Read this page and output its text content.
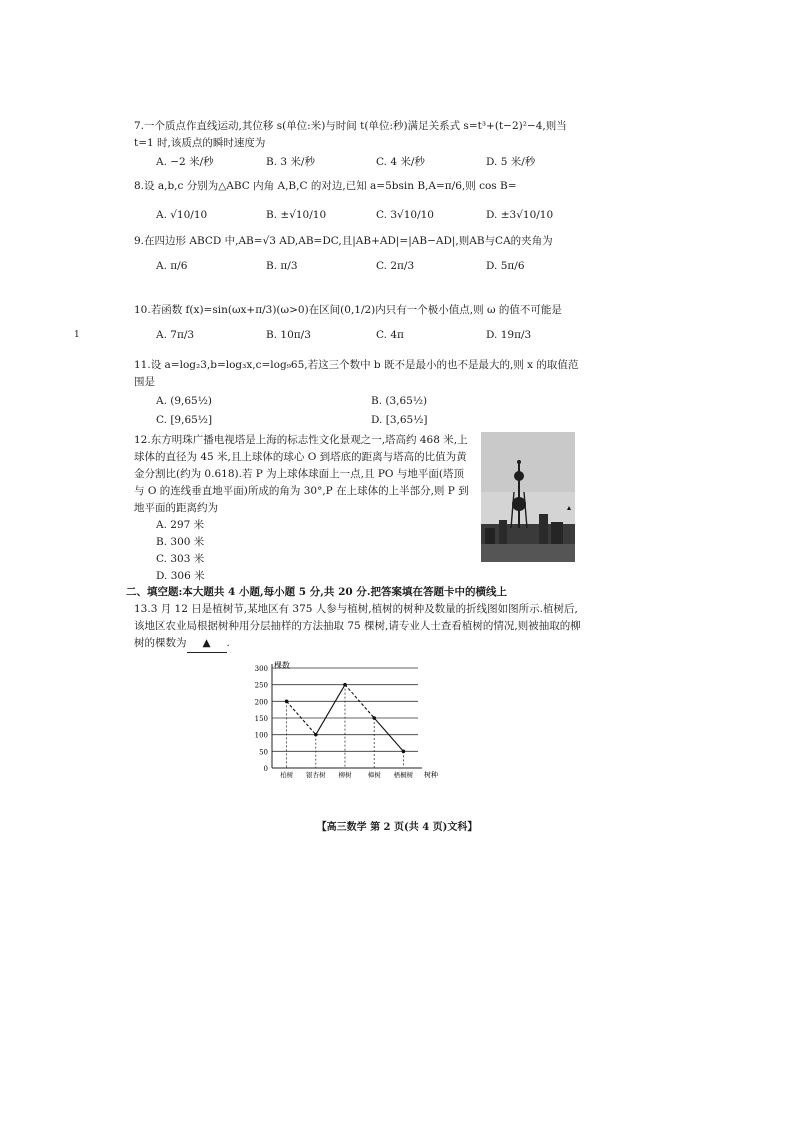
1

7.一个质点作直线运动,其位移 s(单位:米)与时间 t(单位:秒)满足关系式 s=t³+(t−2)²−4,则当 t=1 时,该质点的瞬时速度为

A. −2 米/秒	B. 3 米/秒	C. 4 米/秒	D. 5 米/秒

8.设 a,b,c 分别为△ABC 内角 A,B,C 的对边,已知 a=5bsin B,A=π/6,则 cos B=

A. √10/10	B. ±√10/10	C. 3√10/10	D. ±3√10/10

9.在四边形 ABCD 中,AB=√3 AD,AB=DC,且|AB+AD|=|AB−AD|,则AB与CA的夹角为

A. π/6	B. π/3	C. 2π/3	D. 5π/6

10.若函数 f(x)=sin(ωx+π/3)(ω>0)在区间(0,1/2)内只有一个极小值点,则 ω 的值不可能是

A. 7π/3	B. 10π/3	C. 4π	D. 19π/3

11.设 a=log₂3,b=log₃x,c=log₉65,若这三个数中 b 既不是最小的也不是最大的,则 x 的取值范围是

A. (9,65½)	B. (3,65½)
C. [9,65½]	D. [3,65½]

12.东方明珠广播电视塔是上海的标志性文化景观之一,塔高约 468 米,上球体的直径为 45 米,且上球体的球心 O 到塔底的距离与塔高的比值为黄金分割比(约为 0.618).若 P 为上球体球面上一点,且 PO 与地平面(塔顶与 O 的连线垂直地平面)所成的角为 30°,P 在上球体的上半部分,则 P 到地平面的距离约为

A. 297 米
B. 300 米
C. 303 米
D. 306 米
二、填空题:本大题共 4 小题,每小题 5 分,共 20 分.把答案填在答题卡中的横线上

13.3 月 12 日是植树节,某地区有 375 人参与植树,植树的树种及数量的折线图如图所示.植树后,该地区农业局根据树种用分层抽样的方法抽取 75 棵树,请专业人士查看植树的情况,则被抽取的柳树的棵数为 ▲ .

0
50
100
150
200
250
300
柏树 银杏树 柳树 樟树 梧桐树
棵数
树种
【高三数学 第 2 页(共 4 页)文科】
